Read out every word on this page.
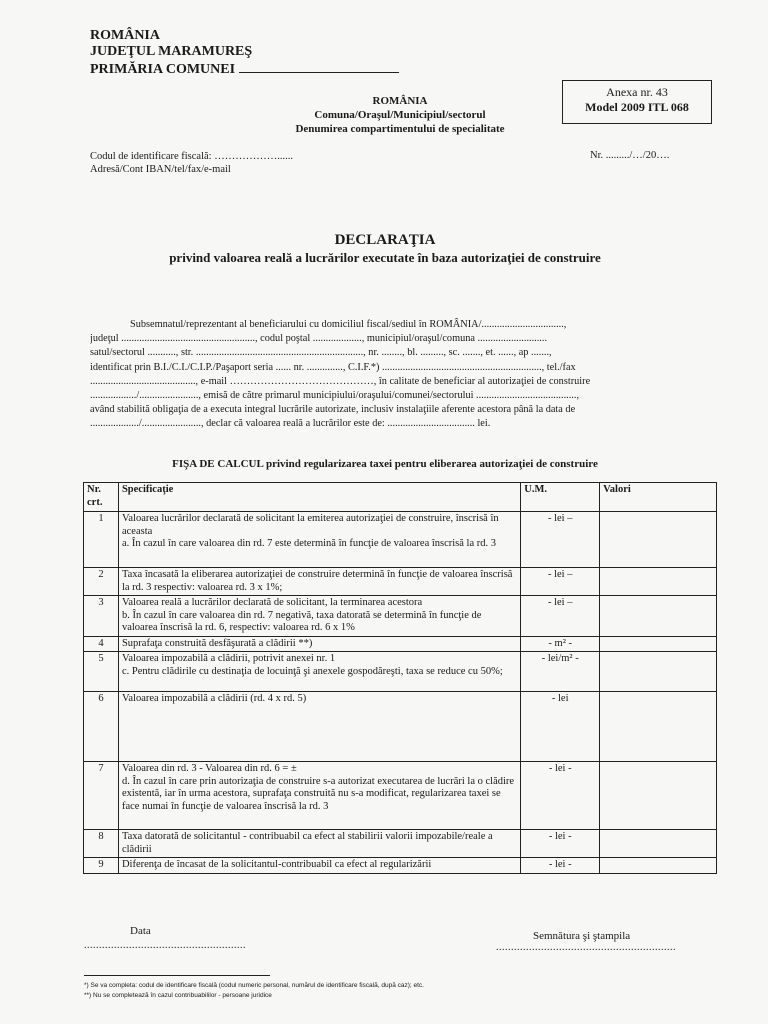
ROMÂNIA
JUDEŢUL MARAMUREŞ
PRIMĂRIA COMUNEI
ROMÂNIA
Comuna/Oraşul/Municipiul/sectorul
Denumirea compartimentului de specialitate
Anexa nr. 43
Model 2009 ITL 068
Codul de identificare fiscală: ………………......
Adresă/Cont IBAN/tel/fax/e-mail
Nr. ........./…/20….
DECLARAŢIA
privind valoarea reală a lucrărilor executate în baza autorizaţiei de construire
Subsemnatul/reprezentant al beneficiarului cu domiciliul fiscal/sediul în ROMÂNIA/................................,
judeţul ...................................................., codul poştal ..................., municipiul/oraşul/comuna ...........................
satul/sectorul ..........., str. ................................................................., nr. ........, bl. ........., sc. ......., et. ......, ap .......,
identificat prin B.I./C.I./C.I.P./Paşaport seria ...... nr. .............., C.I.F.*) .............................................................., tel./fax
........................................., e-mail ……………………………………, în calitate de beneficiar al autorizaţiei de construire
................../......................., emisă de către primarul municipiului/oraşului/comunei/sectorului .......................................,
având stabilită obligaţia de a executa integral lucrările autorizate, inclusiv instalaţiile aferente acestora până la data de
.................../......................., declar că valoarea reală a lucrărilor este de: .................................. lei.
FIŞA DE CALCUL privind regularizarea taxei pentru eliberarea autorizaţiei de construire
Nr. crt.	Specificaţie	U.M.	Valori
1	Valoarea lucrărilor declarată de solicitant la emiterea autorizaţiei de construire, înscrisă în aceasta
a. În cazul în care valoarea din rd. 7 este determină în funcţie de valoarea înscrisă la rd. 3	- lei –	
2	Taxa încasată la eliberarea autorizaţiei de construire determină în funcţie de valoarea înscrisă la rd. 3 respectiv: valoarea rd. 3 x 1%;	- lei –	
3	Valoarea reală a lucrărilor declarată de solicitant, la terminarea acestora
b. În cazul în care valoarea din rd. 7 negativă, taxa datorată se determină în funcţie de valoarea înscrisă la rd. 6, respectiv: valoarea rd. 6 x 1%	- lei –	
4	Suprafaţa construită desfăşurată a clădirii **)	- m² -	
5	Valoarea impozabilă a clădirii, potrivit anexei nr. 1
c. Pentru clădirile cu destinaţia de locuinţă şi anexele gospodăreşti, taxa se reduce cu 50%;	- lei/m² -	
6	Valoarea impozabilă a clădirii (rd. 4 x rd. 5)	- lei	
7	Valoarea din rd. 3 - Valoarea din rd. 6 = ±
d. În cazul în care prin autorizaţia de construire s-a autorizat executarea de lucrări la o clădire existentă, iar în urma acestora, suprafaţa construită nu s-a modificat, regularizarea taxei se face numai în funcţie de valoarea înscrisă la rd. 3	- lei -	
8	Taxa datorată de solicitantul - contribuabil ca efect al stabilirii valorii impozabile/reale a clădirii	- lei -	
9	Diferenţa de încasat de la solicitantul-contribuabil ca efect al regularizării	- lei -	
Data
......................................................
Semnătura şi ştampila
............................................................
*) Se va completa: codul de identificare fiscală (codul numeric personal, numărul de identificare fiscală, după caz); etc.
**) Nu se completează în cazul contribuabililor - persoane juridice
